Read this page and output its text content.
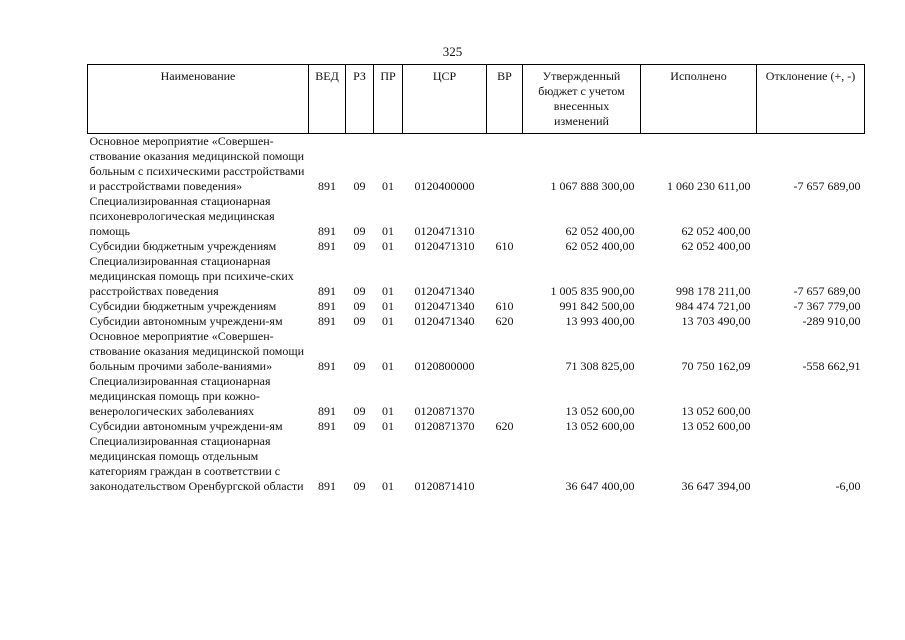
325
Наименование	ВЕД	РЗ	ПР	ЦСР	ВР	Утвержденный бюджет с учетом внесенных изменений	Исполнено	Отклонение (+, -)
Основное мероприятие «Совершен-ствование оказания медицинской помощи больным с психическими расстройствами и расстройствами поведения»	891	09	01	0120400000		1 067 888 300,00	1 060 230 611,00	-7 657 689,00
Специализированная стационарная психоневрологическая медицинская помощь	891	09	01	0120471310		62 052 400,00	62 052 400,00	
Субсидии бюджетным учреждениям	891	09	01	0120471310	610	62 052 400,00	62 052 400,00	
Специализированная стационарная медицинская помощь при психиче-ских расстройствах поведения	891	09	01	0120471340		1 005 835 900,00	998 178 211,00	-7 657 689,00
Субсидии бюджетным учреждениям	891	09	01	0120471340	610	991 842 500,00	984 474 721,00	-7 367 779,00
Субсидии автономным учреждени-ям	891	09	01	0120471340	620	13 993 400,00	13 703 490,00	-289 910,00
Основное мероприятие «Совершен-ствование оказания медицинской помощи больным прочими заболе-ваниями»	891	09	01	0120800000		71 308 825,00	70 750 162,09	-558 662,91
Специализированная стационарная медицинская помощь при кожно-венерологических заболеваниях	891	09	01	0120871370		13 052 600,00	13 052 600,00	
Субсидии автономным учреждени-ям	891	09	01	0120871370	620	13 052 600,00	13 052 600,00	
Специализированная стационарная медицинская помощь отдельным категориям граждан в соответствии с законодательством Оренбургской области	891	09	01	0120871410		36 647 400,00	36 647 394,00	-6,00
